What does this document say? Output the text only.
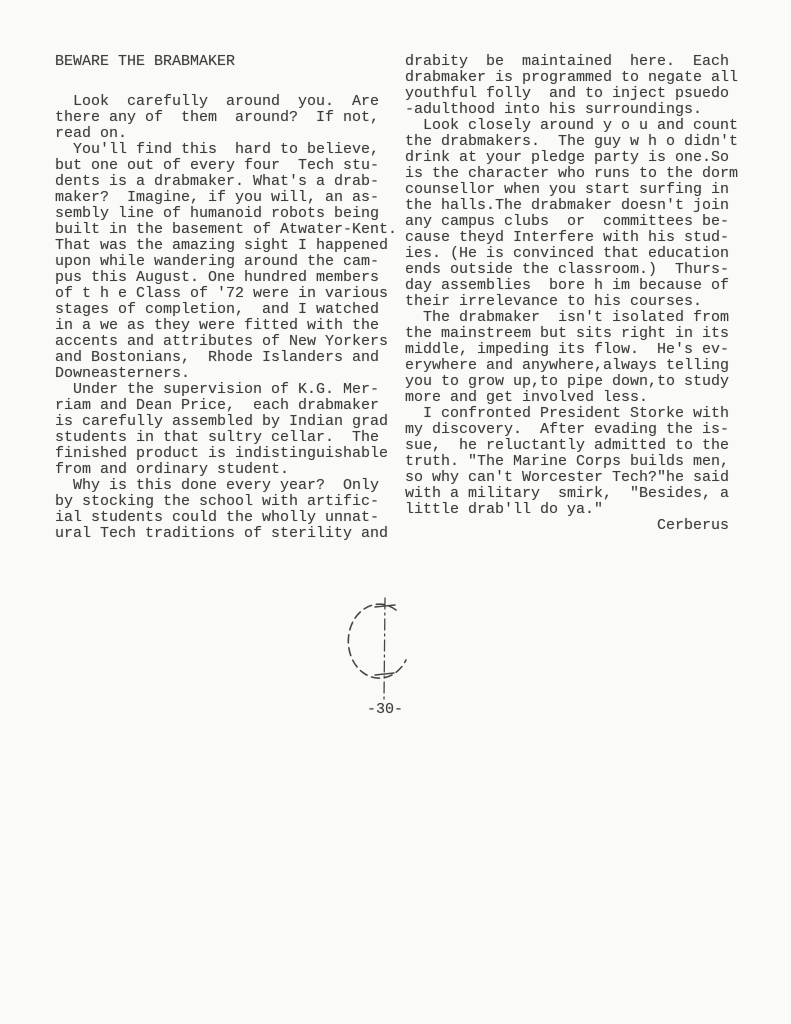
BEWARE THE BRABMAKER
Look  carefully  around  you.  Are
there any of  them  around?  If not,
read on.
You'll find this  hard to believe,
but one out of every four  Tech stu-
dents is a drabmaker. What's a drab-
maker?  Imagine, if you will, an as-
sembly line of humanoid robots being
built in the basement of Atwater-Kent.
That was the amazing sight I happened
upon while wandering around the cam-
pus this August. One hundred members
of t h e Class of '72 were in various
stages of completion,  and I watched
in a we as they were fitted with the
accents and attributes of New Yorkers
and Bostonians,  Rhode Islanders and
Downeasterners.
Under the supervision of K.G. Mer-
riam and Dean Price,  each drabmaker
is carefully assembled by Indian grad
students in that sultry cellar.  The
finished product is indistinguishable
from and ordinary student.
Why is this done every year?  Only
by stocking the school with artific-
ial students could the wholly unnat-
ural Tech traditions of sterility and
drabity  be  maintained  here.  Each
drabmaker is programmed to negate all
youthful folly  and to inject psuedo
-adulthood into his surroundings.
Look closely around y o u and count
the drabmakers.  The guy w h o didn't
drink at your pledge party is one.So
is the character who runs to the dorm
counsellor when you start surfing in
the halls.The drabmaker doesn't join
any campus clubs  or  committees be-
cause theyd Interfere with his stud-
ies. (He is convinced that education
ends outside the classroom.)  Thurs-
day assemblies  bore h im because of
their irrelevance to his courses.
The drabmaker  isn't isolated from
the mainstreem but sits right in its
middle, impeding its flow.  He's ev-
erywhere and anywhere,always telling
you to grow up,to pipe down,to study
more and get involved less.
I confronted President Storke with
my discovery.  After evading the is-
sue,  he reluctantly admitted to the
truth. "The Marine Corps builds men,
so why can't Worcester Tech?"he said
with a military  smirk,  "Besides, a
little drab'll do ya."
Cerberus
-30-
